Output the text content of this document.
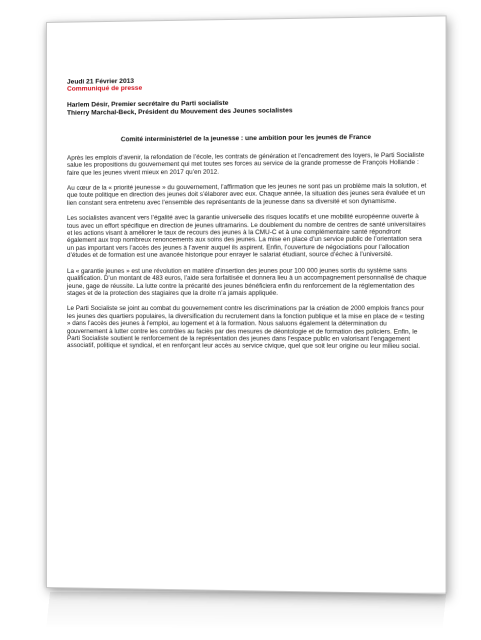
Jeudi 21 Février 2013
Communiqué de presse
Harlem Désir, Premier secrétaire du Parti socialiste
Thierry Marchal-Beck, Président du Mouvement des Jeunes socialistes
Comité interministériel de la jeunesse : une ambition pour les jeunes de France

Après les emplois d’avenir, la refondation de l’école, les contrats de génération et l’encadrement des loyers, le Parti Socialiste salue les propositions du gouvernement qui met toutes ses forces au service de la grande promesse de François Hollande : faire que les jeunes vivent mieux en 2017 qu’en 2012.

Au cœur de la « priorité jeunesse » du gouvernement, l’affirmation que les jeunes ne sont pas un problème mais la solution, et que toute politique en direction des jeunes doit s’élaborer avec eux. Chaque année, la situation des jeunes sera évaluée et un lien constant sera entretenu avec l’ensemble des représentants de la jeunesse dans sa diversité et son dynamisme.

Les socialistes avancent vers l’égalité avec la garantie universelle des risques locatifs et une mobilité européenne ouverte à tous avec un effort spécifique en direction de jeunes ultramarins. Le doublement du nombre de centres de santé universitaires et les actions visant à améliorer le taux de recours des jeunes à la CMU-C et à une complémentaire santé répondront également aux trop nombreux renoncements aux soins des jeunes. La mise en place d’un service public de l’orientation sera un pas important vers l’accès des jeunes à l’avenir auquel ils aspirent. Enfin, l’ouverture de négociations pour l’allocation d’études et de formation est une avancée historique pour enrayer le salariat étudiant, source d’échec à l’université.

La « garantie jeunes » est une révolution en matière d’insertion des jeunes pour 100 000 jeunes sortis du système sans qualification. D’un montant de 483 euros, l’aide sera forfaitisée et donnera lieu à un accompagnement personnalisé de chaque jeune, gage de réussite. La lutte contre la précarité des jeunes bénéficiera enfin du renforcement de la réglementation des stages et de la protection des stagiaires que la droite n’a jamais appliquée.

Le Parti Socialiste se joint au combat du gouvernement contre les discriminations par la création de 2000 emplois francs pour les jeunes des quartiers populaires, la diversification du recrutement dans la fonction publique et la mise en place de « testing » dans l’accès des jeunes à l’emploi, au logement et à la formation. Nous saluons également la détermination du gouvernement à lutter contre les contrôles au faciès par des mesures de déontologie et de formation des policiers. Enfin, le Parti Socialiste soutient le renforcement de la représentation des jeunes dans l’espace public en valorisant l’engagement associatif, politique et syndical, et en renforçant leur accès au service civique, quel que soit leur origine ou leur milieu social.
